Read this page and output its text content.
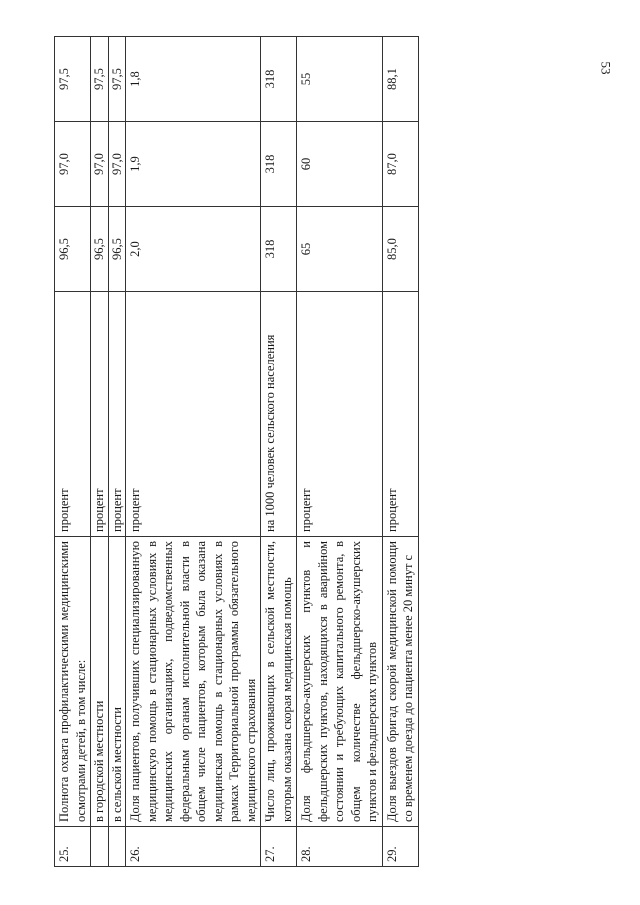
53
25.	Полнота охвата профилактическими медицинскими осмотрами детей, в том числе:	процент	96,5	97,0	97,5
	в городской местности	процент	96,5	97,0	97,5
	в сельской местности	процент	96,5	97,0	97,5
26.	Доля пациентов, получивших специализированную медицинскую помощь в стационарных условиях в медицинских организациях, подведомственных федеральным органам исполнительной власти в общем числе пациентов, которым была оказана медицинская помощь в стационарных условиях в рамках Территориальной программы обязательного медицинского страхования	процент	2,0	1,9	1,8
27.	Число лиц, проживающих в сельской местности, которым оказана скорая медицинская помощь	на 1000 человек сельского населения	318	318	318
28.	Доля фельдшерско-акушерских пунктов и фельдшерских пунктов, находящихся в аварийном состоянии и требующих капитального ремонта, в общем количестве фельдшерско-акушерских пунктов и фельдшерских пунктов	процент	65	60	55
29.	Доля выездов бригад скорой медицинской помощи со временем доезда до пациента менее 20 минут с	процент	85,0	87,0	88,1
